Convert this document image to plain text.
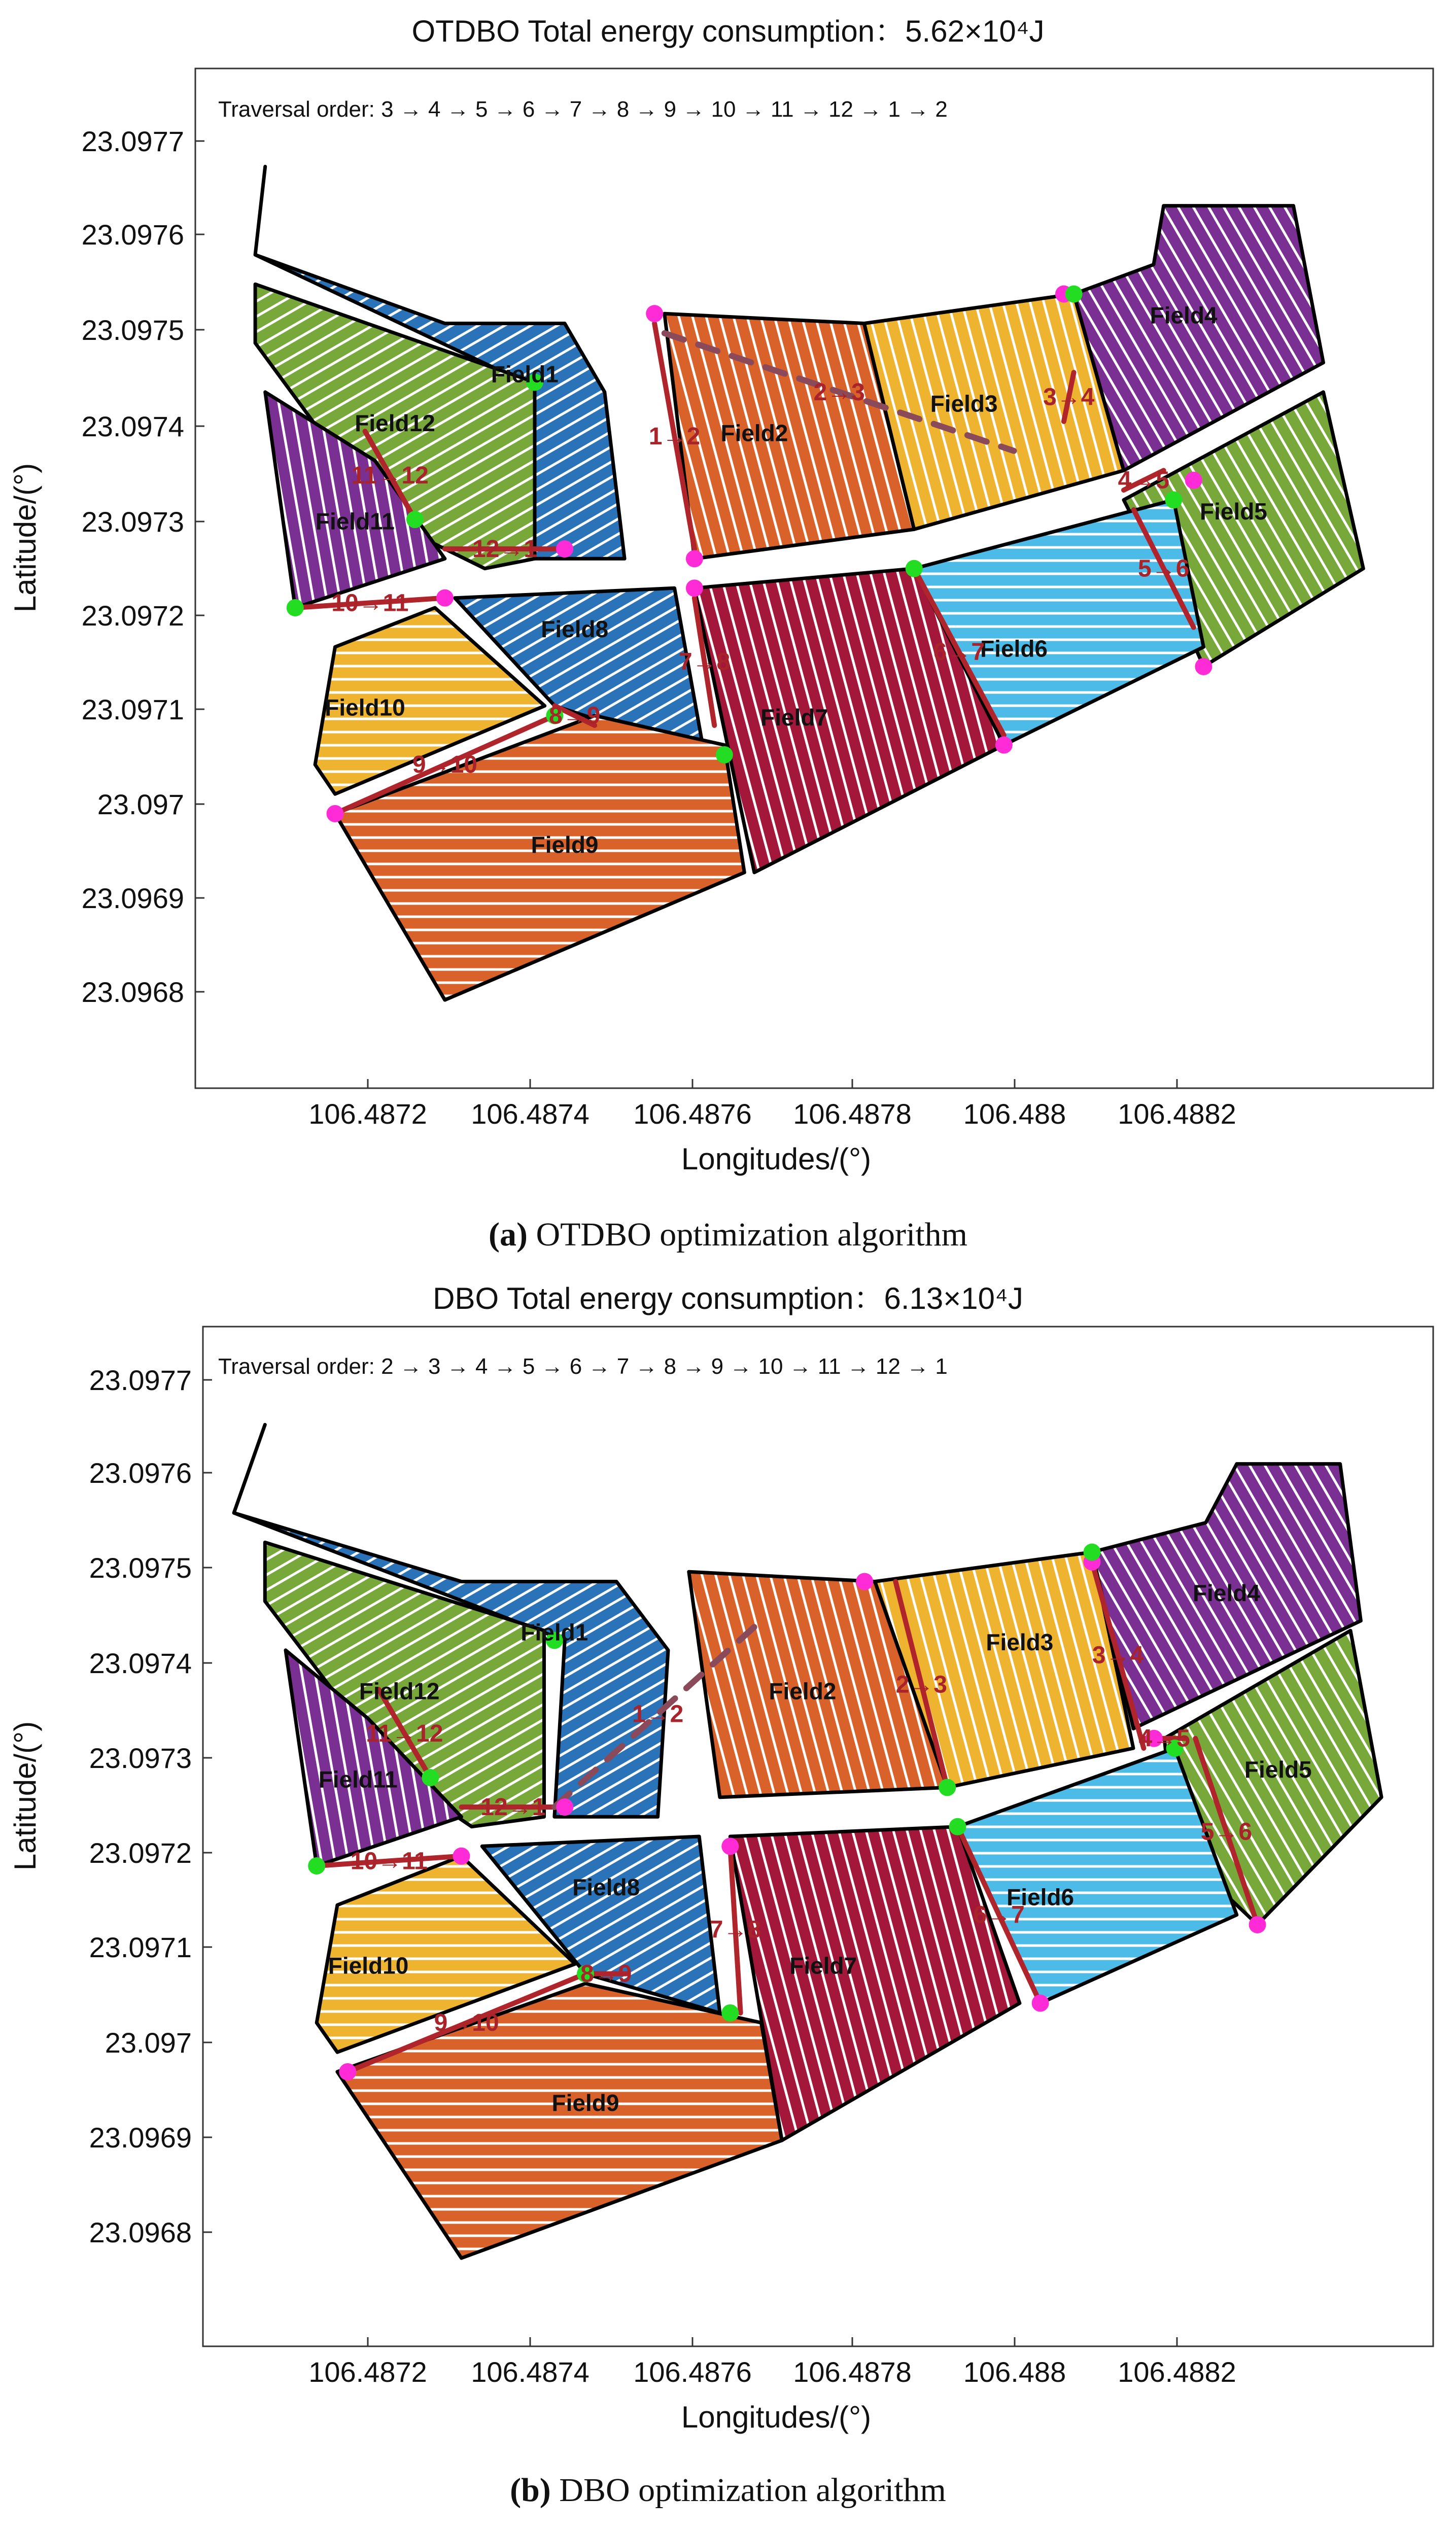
OTDBO Total energy consumption：5.62×10⁴J
Traversal order: 3 → 4 → 5 → 6 → 7 → 8 → 9 → 10 → 11 → 12 → 1 → 2
Field1
Field2
Field3
Field4
Field5
Field6
Field7
Field8
Field9
Field10
Field12
Field11
1→2
2→3	3→4
4→5
5→6
6→7
7→8
8→9
9→10
10→11
11→12
12→1
106.4872 106.4874 106.4876 106.4878 106.488 106.4882
23.0977
23.0976
23.0975
23.0974
23.0973
23.0972
23.0971
23.097
23.0969
23.0968
Longitudes/(°)
Latitude/(°)
(a) OTDBO optimization algorithm
DBO Total energy consumption：6.13×10⁴J
Traversal order: 2 → 3 → 4 → 5 → 6 → 7 → 8 → 9 → 10 → 11 → 12 → 1
Field1
Field2
Field3
Field4
Field5
Field6
Field7
Field8
Field9
Field10
Field12
Field11
2→3
3→4
4→5
5→6
6→7
7→8
8→9
9→10
10→11
11→12
12→1
1→2
106.4872 106.4874 106.4876 106.4878 106.488 106.4882
23.0977
23.0976
23.0975
23.0974
23.0973
23.0972
23.0971
23.097
23.0969
23.0968
Longitudes/(°)
Latitude/(°)
(b) DBO optimization algorithm
